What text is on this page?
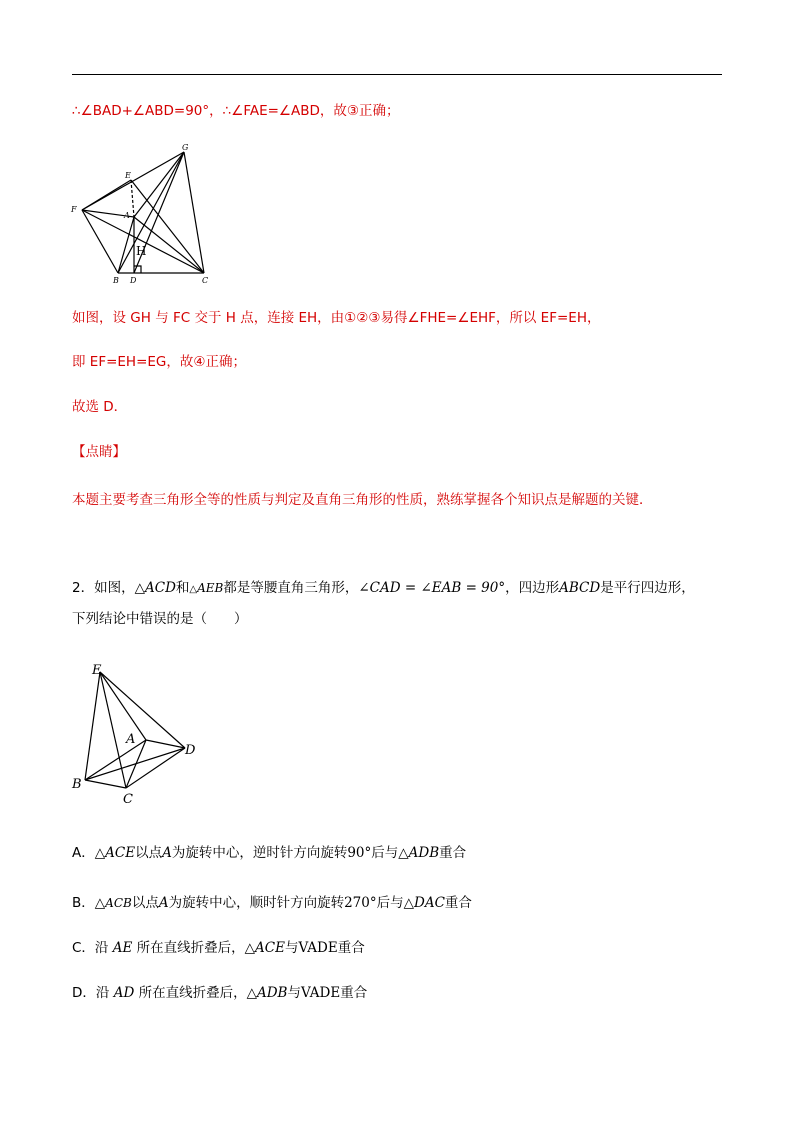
∴∠BAD+∠ABD=90°，∴∠FAE=∠ABD，故③正确；
G
E
F
A
B D	C
H
如图，设 GH 与 FC 交于 H 点，连接 EH，由①②③易得∠FHE=∠EHF，所以 EF=EH，
即 EF=EH=EG，故④正确；
故选 D．
【点睛】
本题主要考查三角形全等的性质与判定及直角三角形的性质，熟练掌握各个知识点是解题的关键．
2．如图，△ACD和△AEB都是等腰直角三角形，∠CAD = ∠EAB = 90°，四边形ABCD是平行四边形，
下列结论中错误的是（　　）
E
A
D
B
C
A．△ACE以点A为旋转中心，逆时针方向旋转90°后与△ADB重合
B．△ACB以点A为旋转中心，顺时针方向旋转270°后与△DAC重合
C．沿 AE 所在直线折叠后，△ACE与VADE重合
D．沿 AD 所在直线折叠后，△ADB与VADE重合
